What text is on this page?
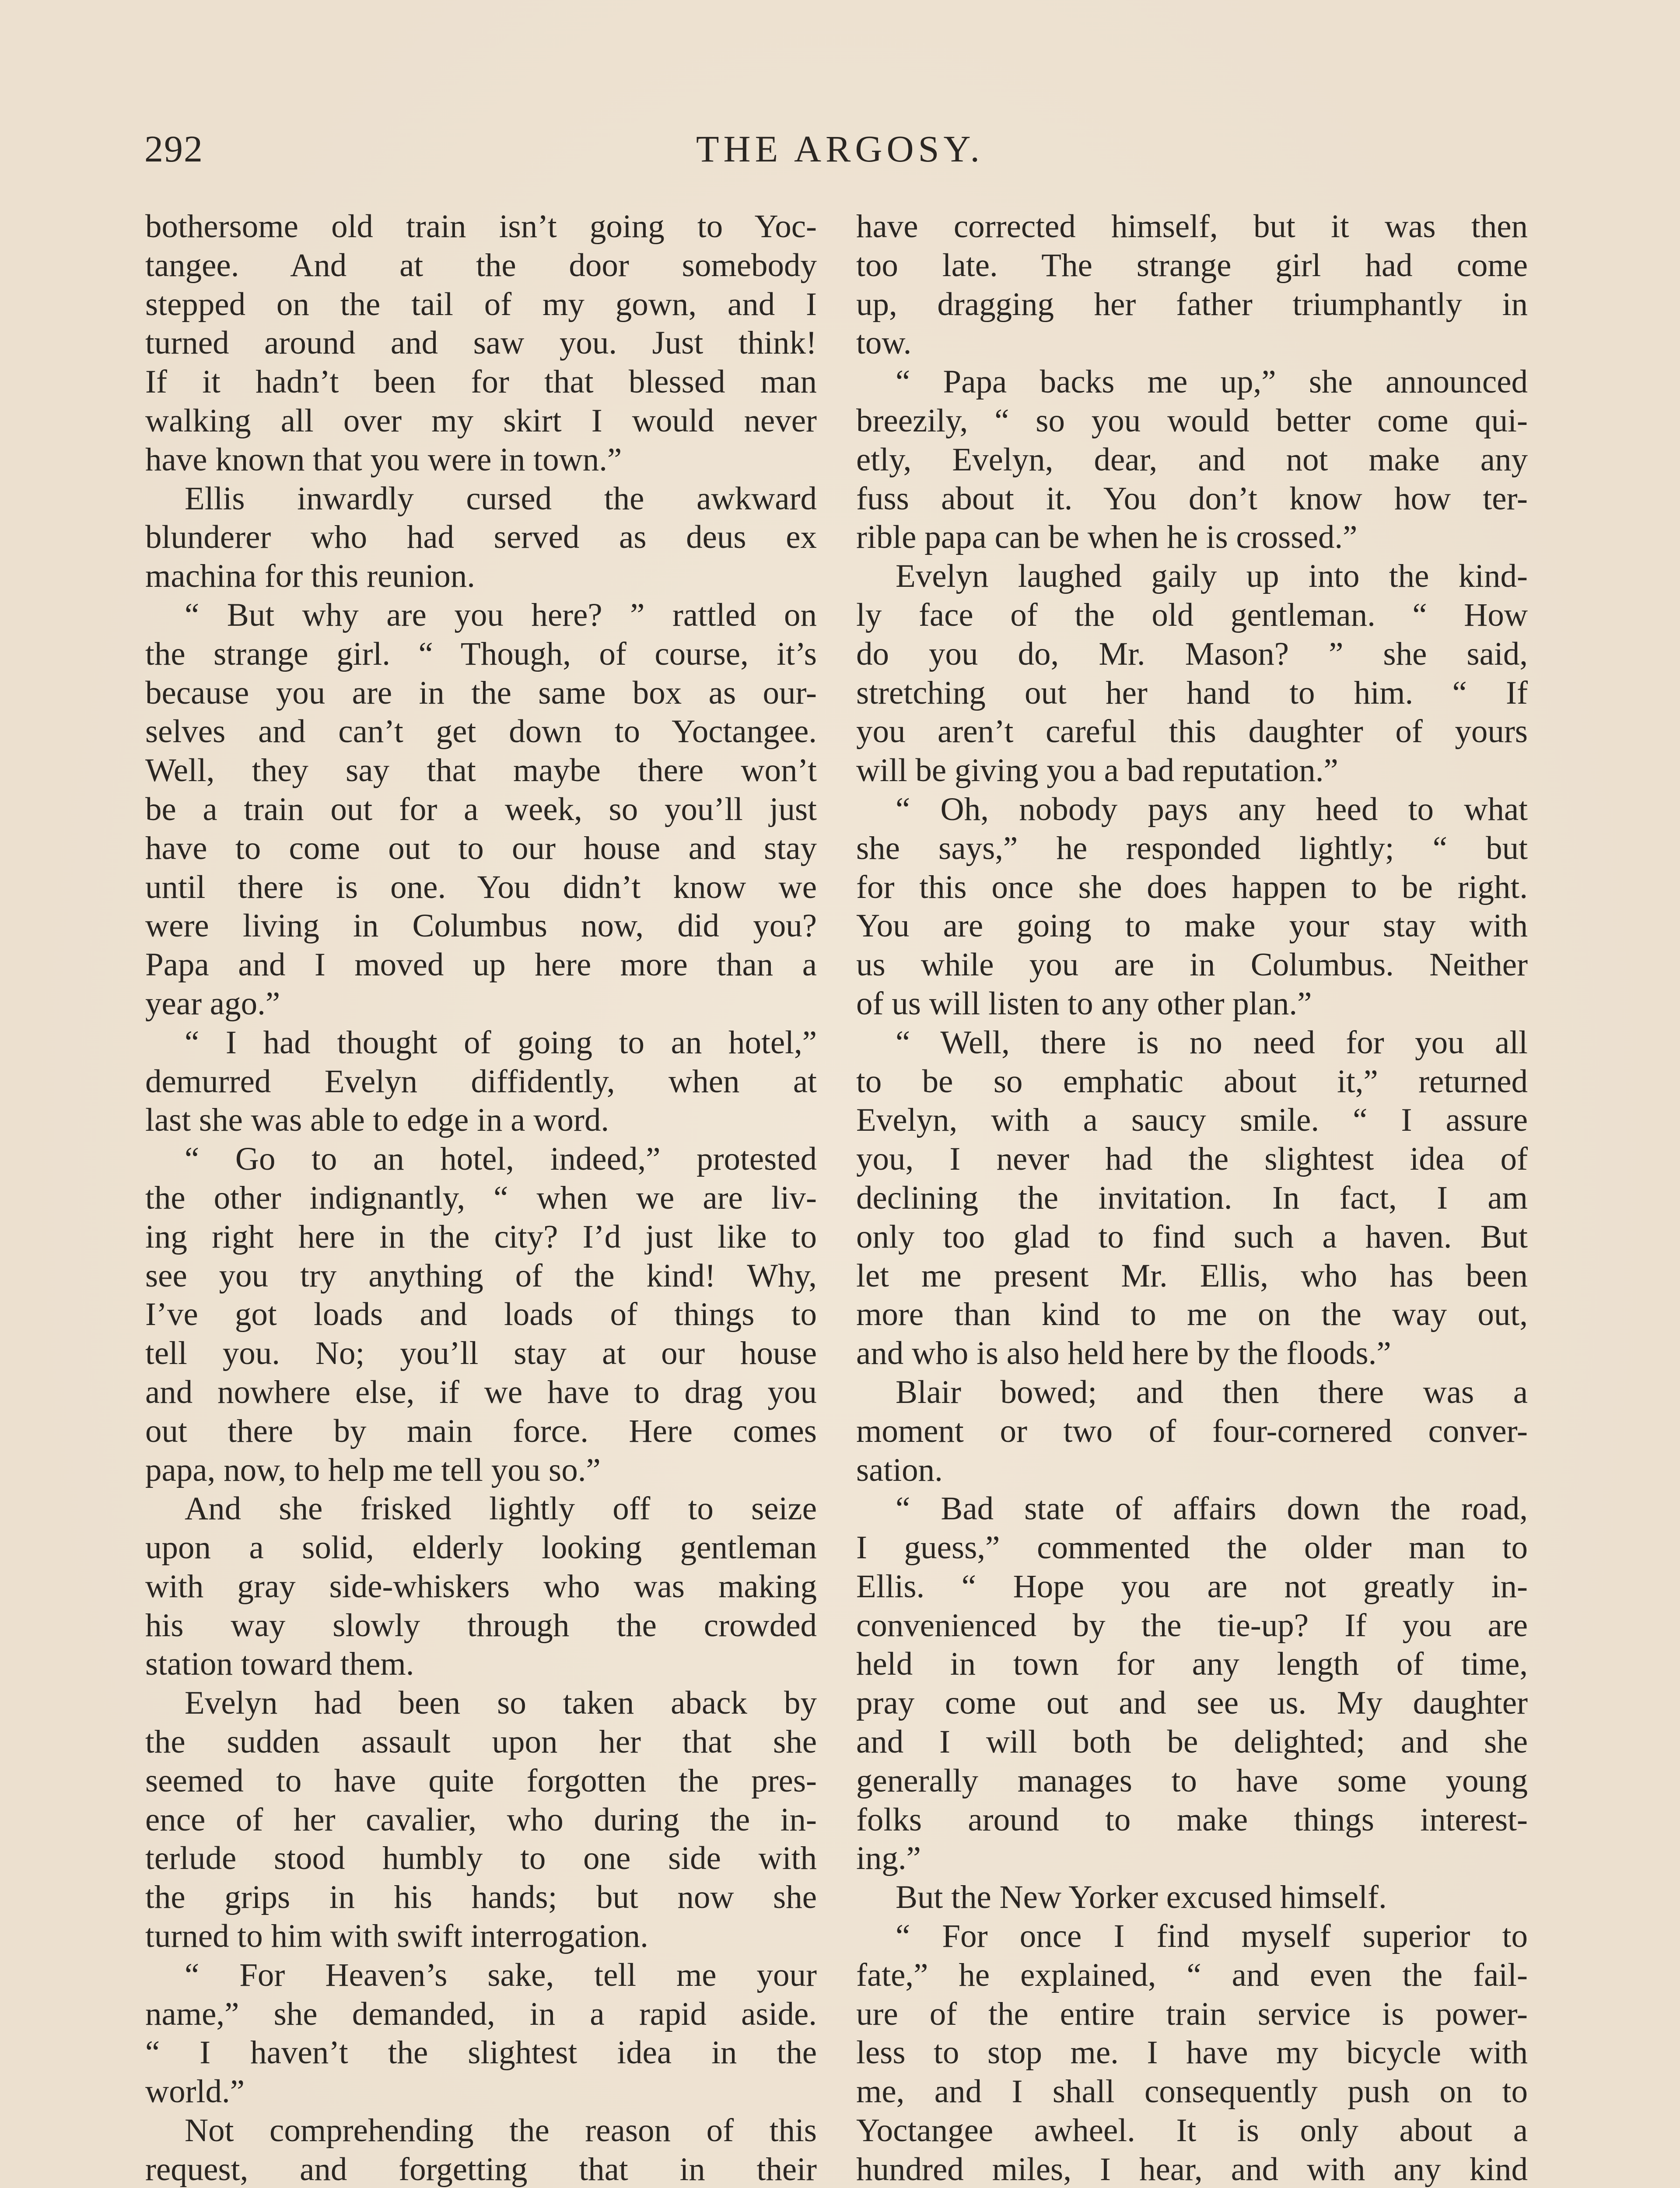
292	THE ARGOSY.
bothersome old train isn’t going to Yoc-
tangee. And at the door somebody
stepped on the tail of my gown, and I
turned around and saw you. Just think!
If it hadn’t been for that blessed man
walking all over my skirt I would never
have known that you were in town.”
Ellis inwardly cursed the awkward
blunderer who had served as deus ex
machina for this reunion.
“ But why are you here? ” rattled on
the strange girl. “ Though, of course, it’s
because you are in the same box as our-
selves and can’t get down to Yoctangee.
Well, they say that maybe there won’t
be a train out for a week, so you’ll just
have to come out to our house and stay
until there is one. You didn’t know we
were living in Columbus now, did you?
Papa and I moved up here more than a
year ago.”
“ I had thought of going to an hotel,”
demurred Evelyn diffidently, when at
last she was able to edge in a word.
“ Go to an hotel, indeed,” protested
the other indignantly, “ when we are liv-
ing right here in the city? I’d just like to
see you try anything of the kind! Why,
I’ve got loads and loads of things to
tell you. No; you’ll stay at our house
and nowhere else, if we have to drag you
out there by main force. Here comes
papa, now, to help me tell you so.”
And she frisked lightly off to seize
upon a solid, elderly looking gentleman
with gray side-whiskers who was making
his way slowly through the crowded
station toward them.
Evelyn had been so taken aback by
the sudden assault upon her that she
seemed to have quite forgotten the pres-
ence of her cavalier, who during the in-
terlude stood humbly to one side with
the grips in his hands; but now she
turned to him with swift interrogation.
“ For Heaven’s sake, tell me your
name,” she demanded, in a rapid aside.
“ I haven’t the slightest idea in the
world.”
Not comprehending the reason of this
request, and forgetting that in their
have corrected himself, but it was then
too late. The strange girl had come
up, dragging her father triumphantly in
tow.
“ Papa backs me up,” she announced
breezily, “ so you would better come qui-
etly, Evelyn, dear, and not make any
fuss about it. You don’t know how ter-
rible papa can be when he is crossed.”
Evelyn laughed gaily up into the kind-
ly face of the old gentleman. “ How
do you do, Mr. Mason? ” she said,
stretching out her hand to him. “ If
you aren’t careful this daughter of yours
will be giving you a bad reputation.”
“ Oh, nobody pays any heed to what
she says,” he responded lightly; “ but
for this once she does happen to be right.
You are going to make your stay with
us while you are in Columbus. Neither
of us will listen to any other plan.”
“ Well, there is no need for you all
to be so emphatic about it,” returned
Evelyn, with a saucy smile. “ I assure
you, I never had the slightest idea of
declining the invitation. In fact, I am
only too glad to find such a haven. But
let me present Mr. Ellis, who has been
more than kind to me on the way out,
and who is also held here by the floods.”
Blair bowed; and then there was a
moment or two of four-cornered conver-
sation.
“ Bad state of affairs down the road,
I guess,” commented the older man to
Ellis. “ Hope you are not greatly in-
convenienced by the tie-up? If you are
held in town for any length of time,
pray come out and see us. My daughter
and I will both be delighted; and she
generally manages to have some young
folks around to make things interest-
ing.”
But the New Yorker excused himself.
“ For once I find myself superior to
fate,” he explained, “ and even the fail-
ure of the entire train service is power-
less to stop me. I have my bicycle with
me, and I shall consequently push on to
Yoctangee awheel. It is only about a
hundred miles, I hear, and with any kind
